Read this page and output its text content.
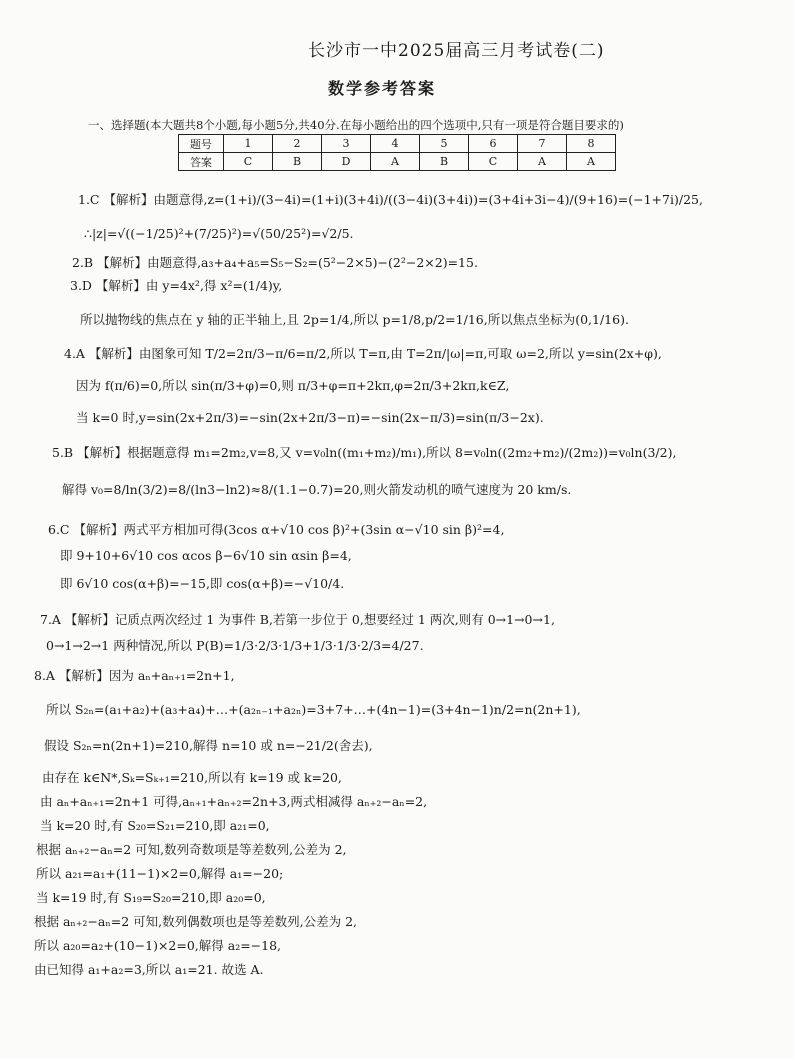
长沙市一中2025届高三月考试卷(二)
数学参考答案
一、选择题(本大题共8个小题,每小题5分,共40分.在每小题给出的四个选项中,只有一项是符合题目要求的)
题号	1	2	3	4	5	6	7	8
答案	C	B	D	A	B	C	A	A
1.C 【解析】由题意得,z=(1+i)/(3−4i)=(1+i)(3+4i)/((3−4i)(3+4i))=(3+4i+3i−4)/(9+16)=(−1+7i)/25,
∴|z|=√((−1/25)²+(7/25)²)=√(50/25²)=√2/5.
2.B 【解析】由题意得,a₃+a₄+a₅=S₅−S₂=(5²−2×5)−(2²−2×2)=15.
3.D 【解析】由 y=4x²,得 x²=(1/4)y,
所以抛物线的焦点在 y 轴的正半轴上,且 2p=1/4,所以 p=1/8,p/2=1/16,所以焦点坐标为(0,1/16).
4.A 【解析】由图象可知 T/2=2π/3−π/6=π/2,所以 T=π,由 T=2π/|ω|=π,可取 ω=2,所以 y=sin(2x+φ),
因为 f(π/6)=0,所以 sin(π/3+φ)=0,则 π/3+φ=π+2kπ,φ=2π/3+2kπ,k∈Z,
当 k=0 时,y=sin(2x+2π/3)=−sin(2x+2π/3−π)=−sin(2x−π/3)=sin(π/3−2x).
5.B 【解析】根据题意得 m₁=2m₂,v=8,又 v=v₀ln((m₁+m₂)/m₁),所以 8=v₀ln((2m₂+m₂)/(2m₂))=v₀ln(3/2),
解得 v₀=8/ln(3/2)=8/(ln3−ln2)≈8/(1.1−0.7)=20,则火箭发动机的喷气速度为 20 km/s.
6.C 【解析】两式平方相加可得(3cos α+√10 cos β)²+(3sin α−√10 sin β)²=4,
即 9+10+6√10 cos αcos β−6√10 sin αsin β=4,
即 6√10 cos(α+β)=−15,即 cos(α+β)=−√10/4.
7.A 【解析】记质点两次经过 1 为事件 B,若第一步位于 0,想要经过 1 两次,则有 0→1→0→1,
0→1→2→1 两种情况,所以 P(B)=1/3·2/3·1/3+1/3·1/3·2/3=4/27.
8.A 【解析】因为 aₙ+aₙ₊₁=2n+1,
所以 S₂ₙ=(a₁+a₂)+(a₃+a₄)+…+(a₂ₙ₋₁+a₂ₙ)=3+7+…+(4n−1)=(3+4n−1)n/2=n(2n+1),
假设 S₂ₙ=n(2n+1)=210,解得 n=10 或 n=−21/2(舍去),
由存在 k∈N*,Sₖ=Sₖ₊₁=210,所以有 k=19 或 k=20,
由 aₙ+aₙ₊₁=2n+1 可得,aₙ₊₁+aₙ₊₂=2n+3,两式相减得 aₙ₊₂−aₙ=2,
当 k=20 时,有 S₂₀=S₂₁=210,即 a₂₁=0,
根据 aₙ₊₂−aₙ=2 可知,数列奇数项是等差数列,公差为 2,
所以 a₂₁=a₁+(11−1)×2=0,解得 a₁=−20;
当 k=19 时,有 S₁₉=S₂₀=210,即 a₂₀=0,
根据 aₙ₊₂−aₙ=2 可知,数列偶数项也是等差数列,公差为 2,
所以 a₂₀=a₂+(10−1)×2=0,解得 a₂=−18,
由已知得 a₁+a₂=3,所以 a₁=21. 故选 A.
